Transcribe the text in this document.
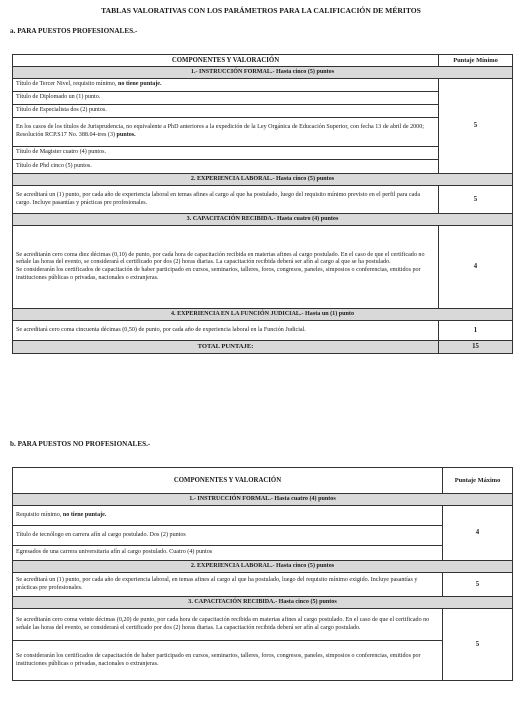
TABLAS VALORATIVAS CON LOS PARÁMETROS PARA LA CALIFICACIÓN DE MÉRITOS
a. PARA PUESTOS PROFESIONALES.-
COMPONENTES Y VALORACIÓN	Puntaje Mínimo
1.- INSTRUCCIÓN FORMAL.- Hasta cinco (5) puntos	
Título de Tercer Nivel, requisito mínimo, no tiene puntaje.	5
Título de Diplomado un (1) punto.	
Título de Especialista dos (2) puntos.	
En los casos de los títulos de Jurisprudencia, no equivalente a PhD anteriores a la expedición de la Ley Orgánica de Educación Superior, con fecha 13 de abril de 2000; Resolución RCP.S17 No. 388.04-tres (3) puntos.	
Título de Magister cuatro (4) puntos.	
Título de Phd cinco (5) puntos.	
2. EXPERIENCIA LABORAL.- Hasta cinco (5) puntos	
Se acreditará un (1) punto, por cada año de experiencia laboral en temas afines al cargo al que ha postulado, luego del requisito mínimo previsto en el perfil para cada cargo. Incluye pasantías y prácticas pre profesionales.	5
3. CAPACITACIÓN RECIBIDA.- Hasta cuatro (4) puntos	

Se acreditarán cero coma diez décimas (0,10) de punto, por cada hora de capacitación recibida en materias afines al cargo postulado. En el caso de que el certificado no señale las horas del evento, se considerará el certificado por dos (2) horas diarias. La capacitación recibida deberá ser afín al cargo al que se ha postulado.
Se considerarán los certificados de capacitación de haber participado en cursos, seminarios, talleres, foros, congresos, paneles, simposios o conferencias, emitidos por instituciones públicas o privadas, nacionales o extranjeras.	4
4. EXPERIENCIA EN LA FUNCIÓN JUDICIAL.- Hasta un (1) punto	
Se acreditará cero coma cincuenta décimas (0,50) de punto, por cada año de experiencia laboral en la Función Judicial.	1
TOTAL PUNTAJE:	15
b. PARA PUESTOS NO PROFESIONALES.-
COMPONENTES Y VALORACIÓN	Puntaje Máximo
1.- INSTRUCCIÓN FORMAL.- Hasta cuatro (4) puntos	
Requisito mínimo, no tiene puntaje.	4
Título de tecnólogo en carrera afín al cargo postulado. Dos (2) puntos	
Egresados de una carrera universitaria afín al cargo postulado. Cuatro (4) puntos	
2. EXPERIENCIA LABORAL.- Hasta cinco (5) puntos	
Se acreditará un (1) punto, por cada año de experiencia laboral, en temas afines al cargo al que ha postulado, luego del requisito mínimo exigido. Incluye pasantías y prácticas pre profesionales.	5
3. CAPACITACIÓN RECIBIDA.- Hasta cinco (5) puntos	
Se acreditarán cero coma veinte décimas (0,20) de punto, por cada hora de capacitación recibida en materias afines al cargo postulado. En el caso de que el certificado no señale las horas del evento, se considerará el certificado por dos (2) horas diarias. La capacitación recibida deberá ser afín al cargo postulado.	5
Se considerarán los certificados de capacitación de haber participado en cursos, seminarios, talleres, foros, congresos, paneles, simposios o conferencias, emitidos por instituciones públicas o privadas, nacionales o extranjeras.	
